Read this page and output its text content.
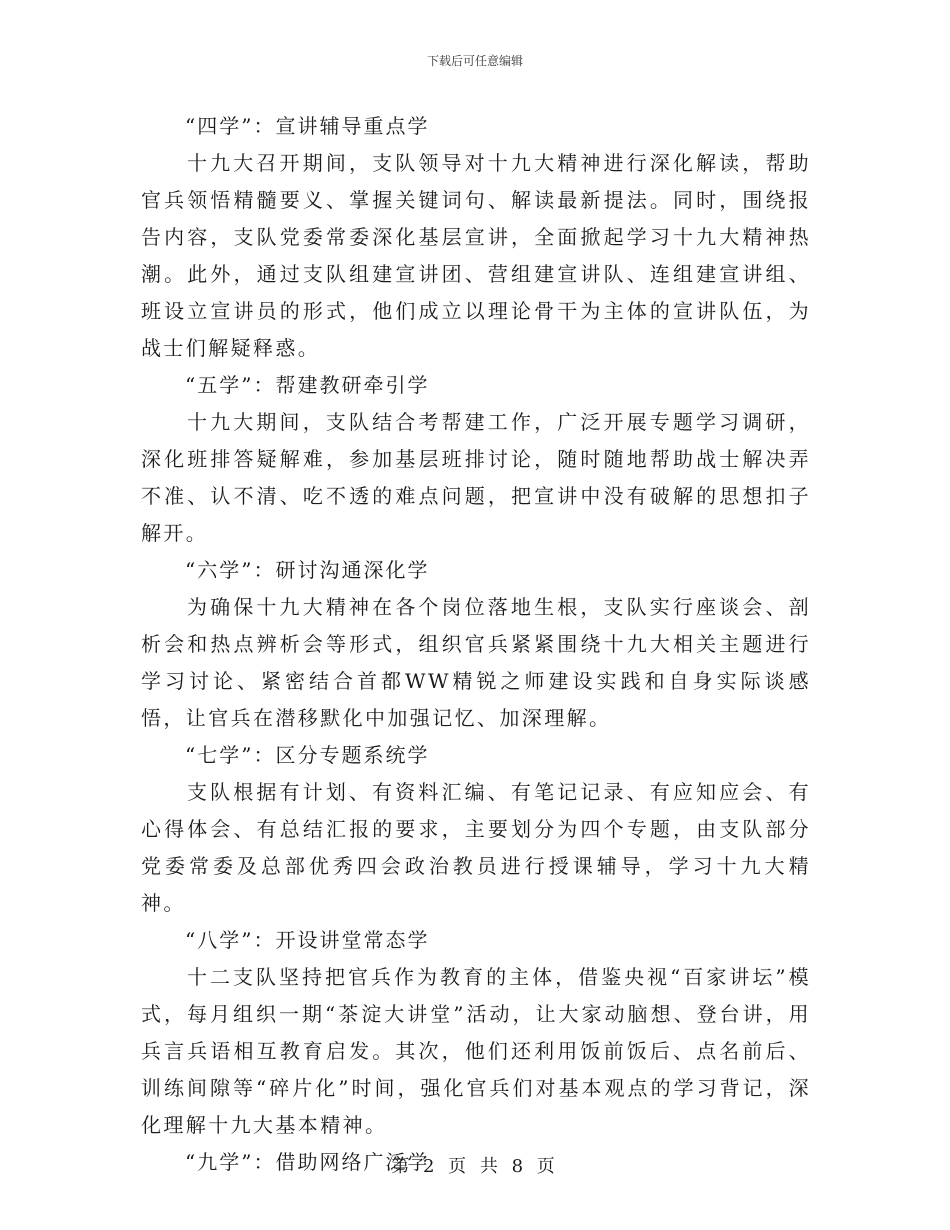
下载后可任意编辑

“四学”：宣讲辅导重点学

十九大召开期间，支队领导对十九大精神进行深化解读，帮助官兵领悟精髓要义、掌握关键词句、解读最新提法。同时，围绕报告内容，支队党委常委深化基层宣讲，全面掀起学习十九大精神热潮。此外，通过支队组建宣讲团、营组建宣讲队、连组建宣讲组、班设立宣讲员的形式，他们成立以理论骨干为主体的宣讲队伍，为战士们解疑释惑。

“五学”：帮建教研牵引学

十九大期间，支队结合考帮建工作，广泛开展专题学习调研，深化班排答疑解难，参加基层班排讨论，随时随地帮助战士解决弄不准、认不清、吃不透的难点问题，把宣讲中没有破解的思想扣子解开。

“六学”：研讨沟通深化学

为确保十九大精神在各个岗位落地生根，支队实行座谈会、剖析会和热点辨析会等形式，组织官兵紧紧围绕十九大相关主题进行学习讨论、紧密结合首都WW精锐之师建设实践和自身实际谈感悟，让官兵在潜移默化中加强记忆、加深理解。

“七学”：区分专题系统学

支队根据有计划、有资料汇编、有笔记记录、有应知应会、有心得体会、有总结汇报的要求，主要划分为四个专题，由支队部分党委常委及总部优秀四会政治教员进行授课辅导，学习十九大精神。

“八学”：开设讲堂常态学

十二支队坚持把官兵作为教育的主体，借鉴央视“百家讲坛”模式，每月组织一期“茶淀大讲堂”活动，让大家动脑想、登台讲，用兵言兵语相互教育启发。其次，他们还利用饭前饭后、点名前后、训练间隙等“碎片化”时间，强化官兵们对基本观点的学习背记，深化理解十九大基本精神。

“九学”：借助网络广泛学

第 2 页 共 8 页
